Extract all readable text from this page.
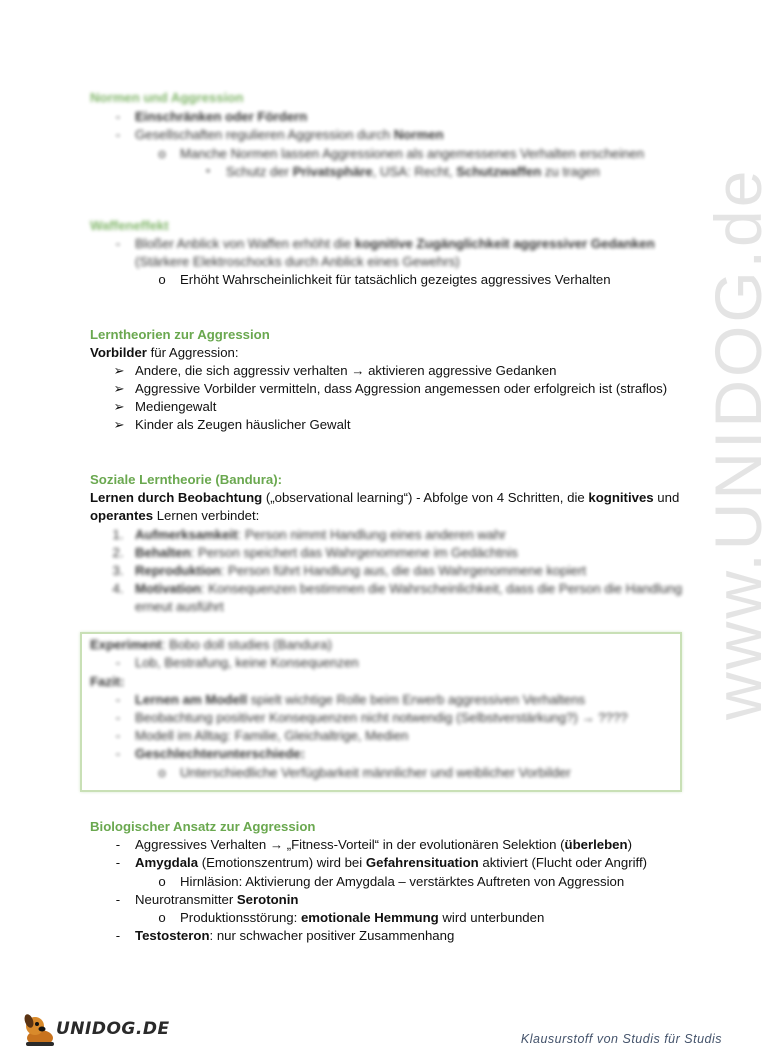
www.UNIDOG.de
Normen und Aggression
-	Einschränken oder Fördern
-	Gesellschaften regulieren Aggression durch Normen
o	Manche Normen lassen Aggressionen als angemessenes Verhalten erscheinen
▪	Schutz der Privatsphäre, USA: Recht, Schutzwaffen zu tragen
Waffeneffekt
-	Bloßer Anblick von Waffen erhöht die kognitive Zugänglichkeit aggressiver Gedanken
(Stärkere Elektroschocks durch Anblick eines Gewehrs)
o	Erhöht Wahrscheinlichkeit für tatsächlich gezeigtes aggressives Verhalten
Lerntheorien zur Aggression
Vorbilder für Aggression:
➢ Andere, die sich aggressiv verhalten → aktivieren aggressive Gedanken
➢ Aggressive Vorbilder vermitteln, dass Aggression angemessen oder erfolgreich ist (straflos)
➢ Mediengewalt
➢ Kinder als Zeugen häuslicher Gewalt
Soziale Lerntheorie (Bandura):
Lernen durch Beobachtung („observational learning“) - Abfolge von 4 Schritten, die kognitives und
operantes Lernen verbindet:
1. Aufmerksamkeit: Person nimmt Handlung eines anderen wahr
2. Behalten: Person speichert das Wahrgenommene im Gedächtnis
3. Reproduktion: Person führt Handlung aus, die das Wahrgenommene kopiert
4. Motivation: Konsequenzen bestimmen die Wahrscheinlichkeit, dass die Person die Handlung
erneut ausführt
Experiment: Bobo doll studies (Bandura)
-	Lob, Bestrafung, keine Konsequenzen
Fazit:
-	Lernen am Modell spielt wichtige Rolle beim Erwerb aggressiven Verhaltens
-	Beobachtung positiver Konsequenzen nicht notwendig (Selbstverstärkung?) → ????
-	Modell im Alltag: Familie, Gleichaltrige, Medien
-	Geschlechterunterschiede:
o	Unterschiedliche Verfügbarkeit männlicher und weiblicher Vorbilder
Biologischer Ansatz zur Aggression
-	Aggressives Verhalten → „Fitness-Vorteil“ in der evolutionären Selektion (überleben)
-	Amygdala (Emotionszentrum) wird bei Gefahrensituation aktiviert (Flucht oder Angriff)
o	Hirnläsion: Aktivierung der Amygdala – verstärktes Auftreten von Aggression
-	Neurotransmitter Serotonin
o	Produktionsstörung: emotionale Hemmung wird unterbunden
-	Testosteron: nur schwacher positiver Zusammenhang
UNIDOG.DE	Klausurstoff von Studis für Studis
